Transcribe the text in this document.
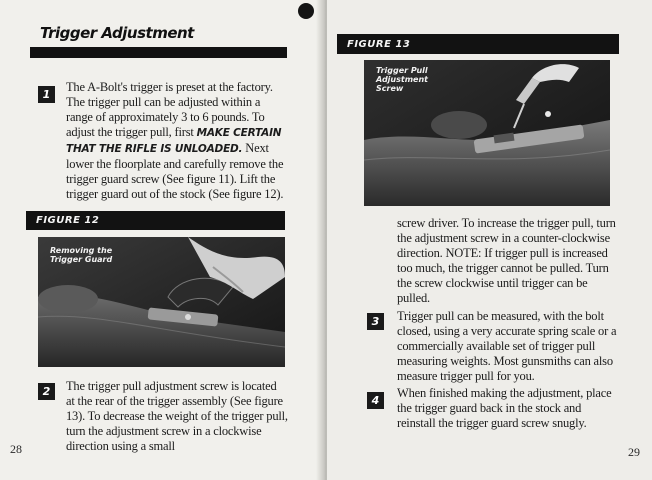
Trigger Adjustment
1

The A-Bolt's trigger is preset at the factory. The trigger pull can be adjusted within a range of approximately 3 to 6 pounds. To adjust the trigger pull, first MAKE CERTAIN THAT THE RIFLE IS UNLOADED. Next lower the floorplate and carefully remove the trigger guard screw (See figure 11). Lift the trigger guard out of the stock (See figure 12).

FIGURE 12

Removing the Trigger Guard

2	The trigger pull adjustment screw is located at the rear of the trigger assembly (See figure 13). To decrease the weight of the trigger pull, turn the adjustment screw in a clockwise direction using a small

28
FIGURE 13

Trigger Pull Adjustment Screw

screw driver. To increase the trigger pull, turn the adjustment screw in a counter-clockwise direction. NOTE: If trigger pull is increased too much, the trigger cannot be pulled. Turn the screw clockwise until trigger can be pulled.

3	Trigger pull can be measured, with the bolt closed, using a very accurate spring scale or a commercially available set of trigger pull measuring weights. Most gunsmiths can also measure trigger pull for you.

4

When finished making the adjustment, place the trigger guard back in the stock and reinstall the trigger guard screw snugly.

29
